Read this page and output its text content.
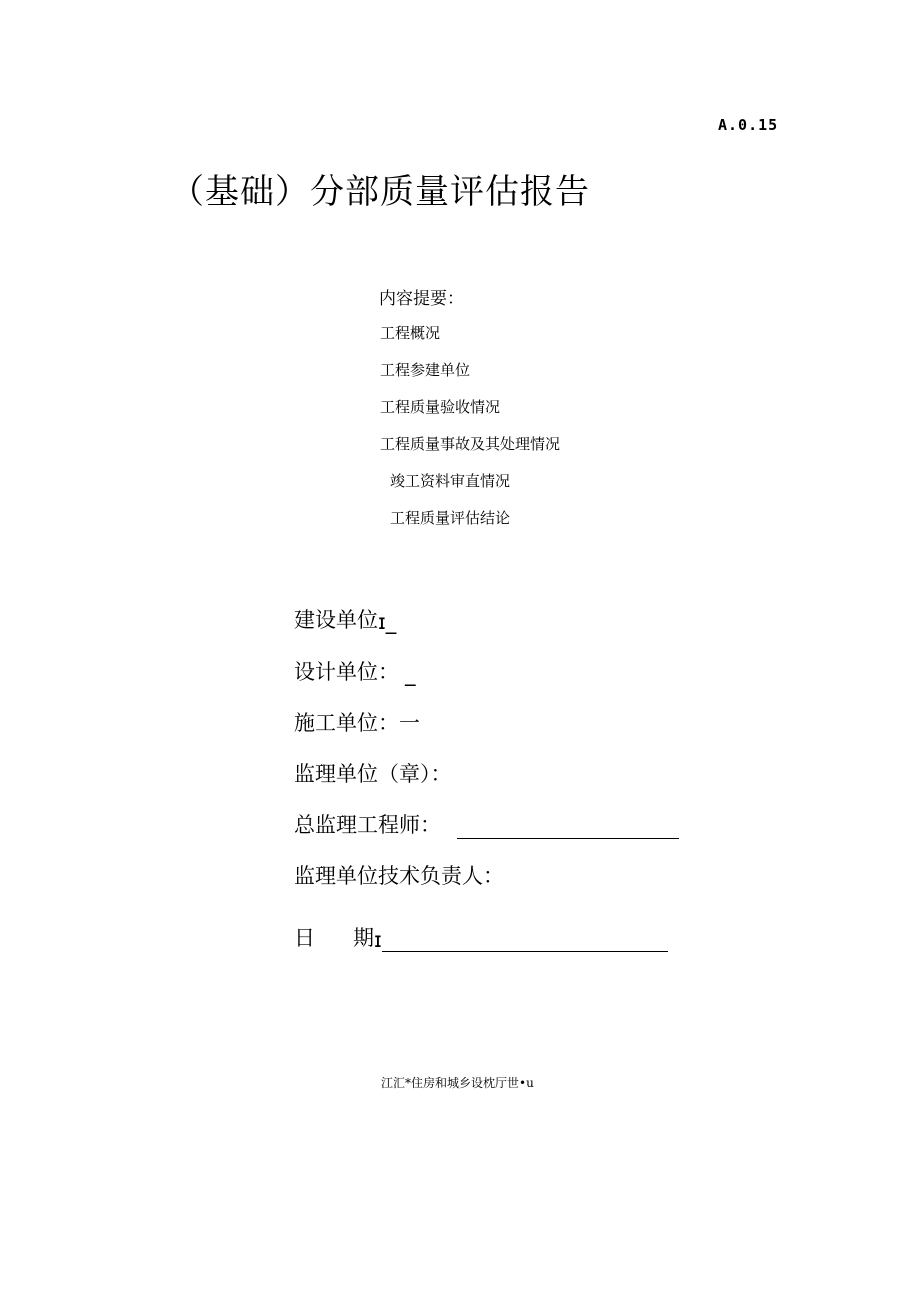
A.0.15
（基础）分部质量评估报告
内容提要：
工程概况
工程参建单位
工程质量验收情况
工程质量事故及其处理情况
竣工资料审直情况
工程质量评估结论
建设单位 ɪ_
设计单位： _
施工单位： 一
监理单位（章）：
总监理工程师：
监理单位技术负责人：
日 期 ɪ
江汇*住房和城乡设枕厅世•u
